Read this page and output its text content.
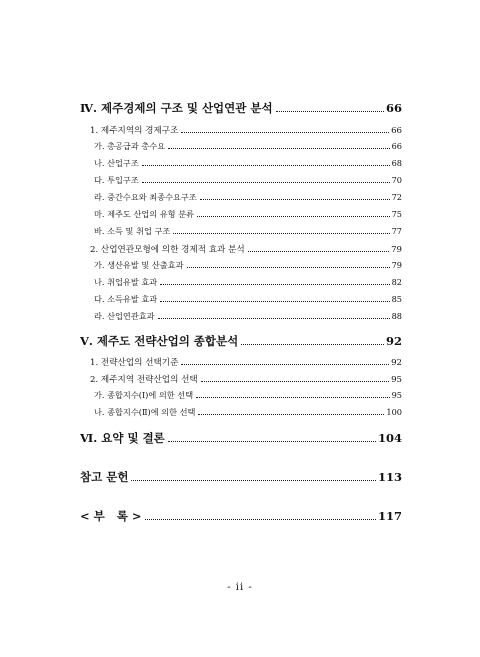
Ⅳ. 제주경제의 구조 및 산업연관 분석	66
1. 제주지역의 경제구조	66
가. 총공급과 총수요	66
나. 산업구조	68
다. 투입구조	70
라. 중간수요와 최종수요구조	72
마. 제주도 산업의 유형 분류	75
바. 소득 및 취업 구조	77
2. 산업연관모형에 의한 경제적 효과 분석	79
가. 생산유발 및 산출효과	79
나. 취업유발 효과	82
다. 소득유발 효과	85
라. 산업연관효과	88
Ⅴ. 제주도 전략산업의 종합분석	92
1. 전략산업의 선택기준	92
2. 제주지역 전략산업의 선택	95
가. 종합지수(Ⅰ)에 의한 선택	95
나. 종합지수(Ⅱ)에 의한 선택	100
Ⅵ. 요약 및 결론	104
참고 문헌	113
< 부   록 >	117
- ii -
